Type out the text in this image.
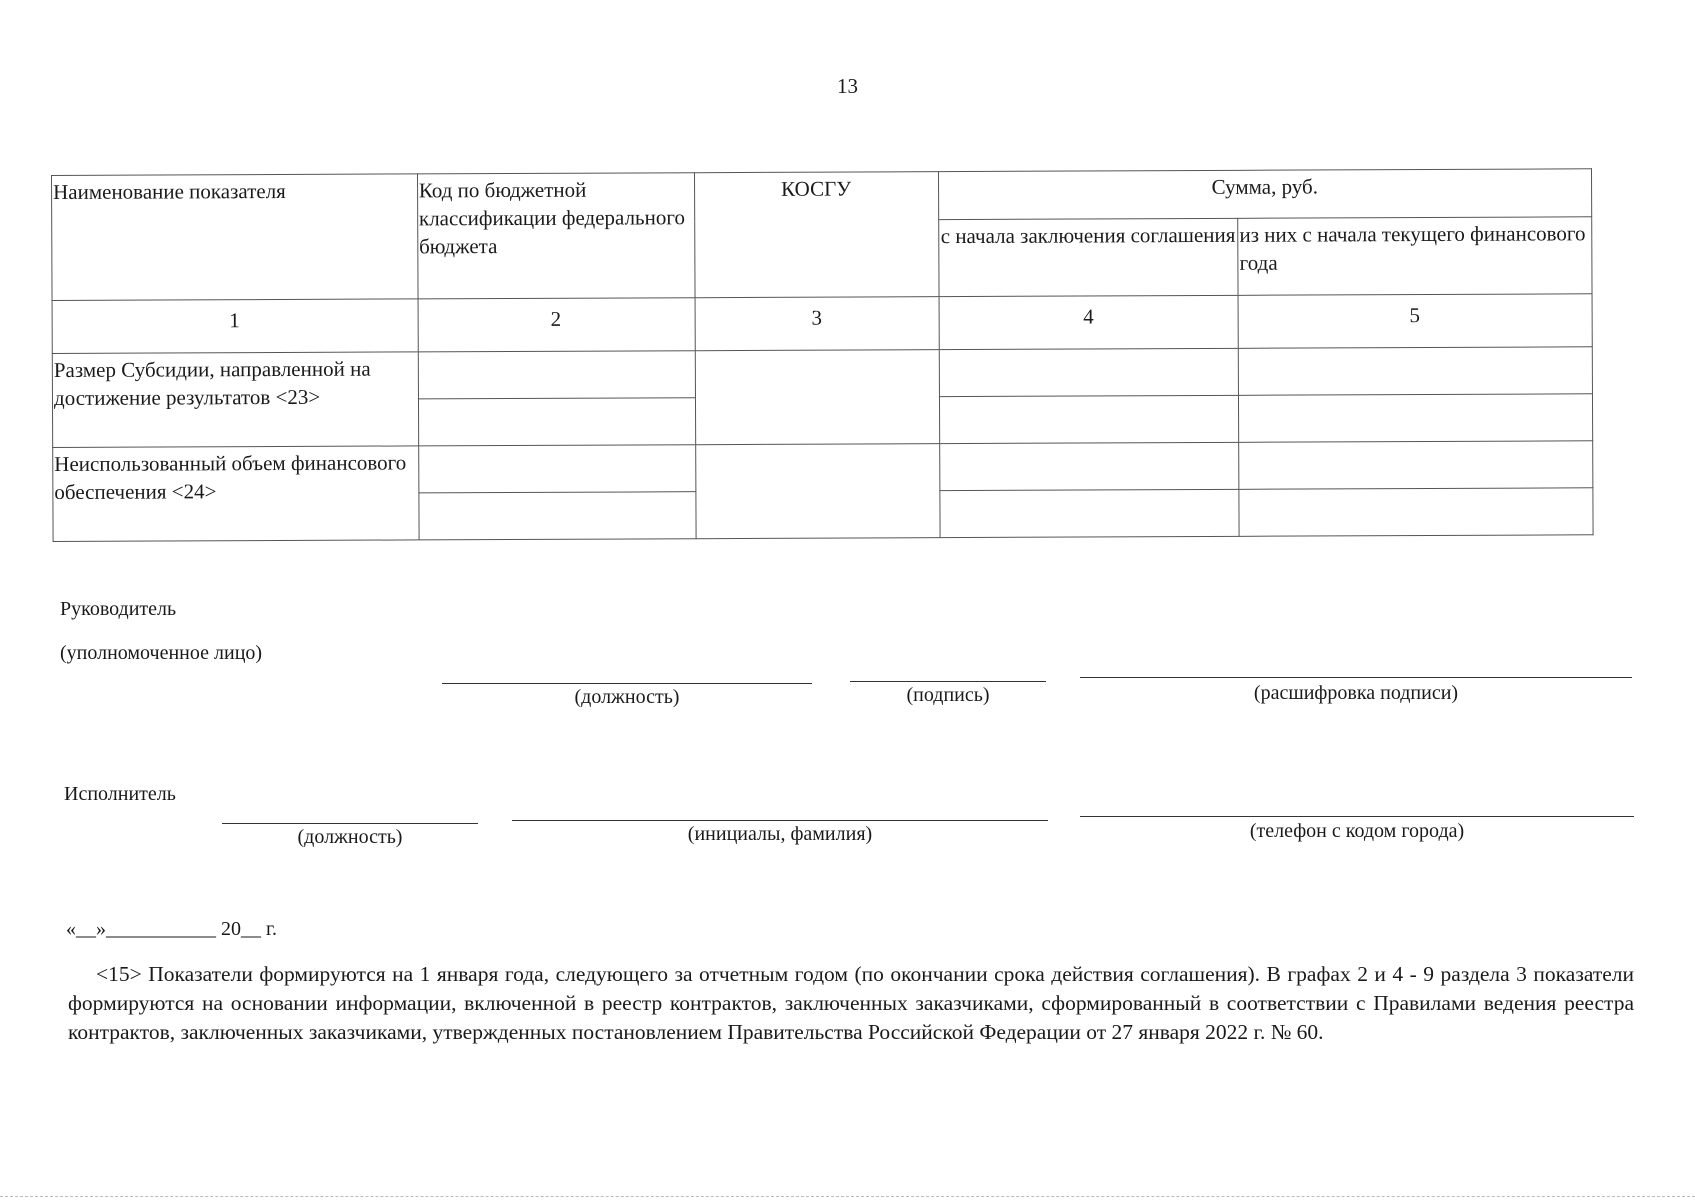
13
Наименование показателя	Код по бюджетной классификации федерального бюджета	КОСГУ	Сумма, руб.	
			с начала заключения соглашения	из них с начала текущего финансового года
1	2	3	4	5
Размер Субсидии, направленной на достижение результатов <23>				

Неиспользованный объем финансового обеспечения <24>				

Руководитель
(уполномоченное лицо)
(должность)	(подпись)	(расшифровка подписи)
Исполнитель
(должность)	(инициалы, фамилия)	(телефон с кодом города)
«__»___________ 20__ г.
<15> Показатели формируются на 1 января года, следующего за отчетным годом (по окончании срока действия соглашения). В графах 2 и 4 - 9 раздела 3 показатели формируются на основании информации, включенной в реестр контрактов, заключенных заказчиками, сформированный в соответствии с Правилами ведения реестра контрактов, заключенных заказчиками, утвержденных постановлением Правительства Российской Федерации от 27 января 2022 г. № 60.
